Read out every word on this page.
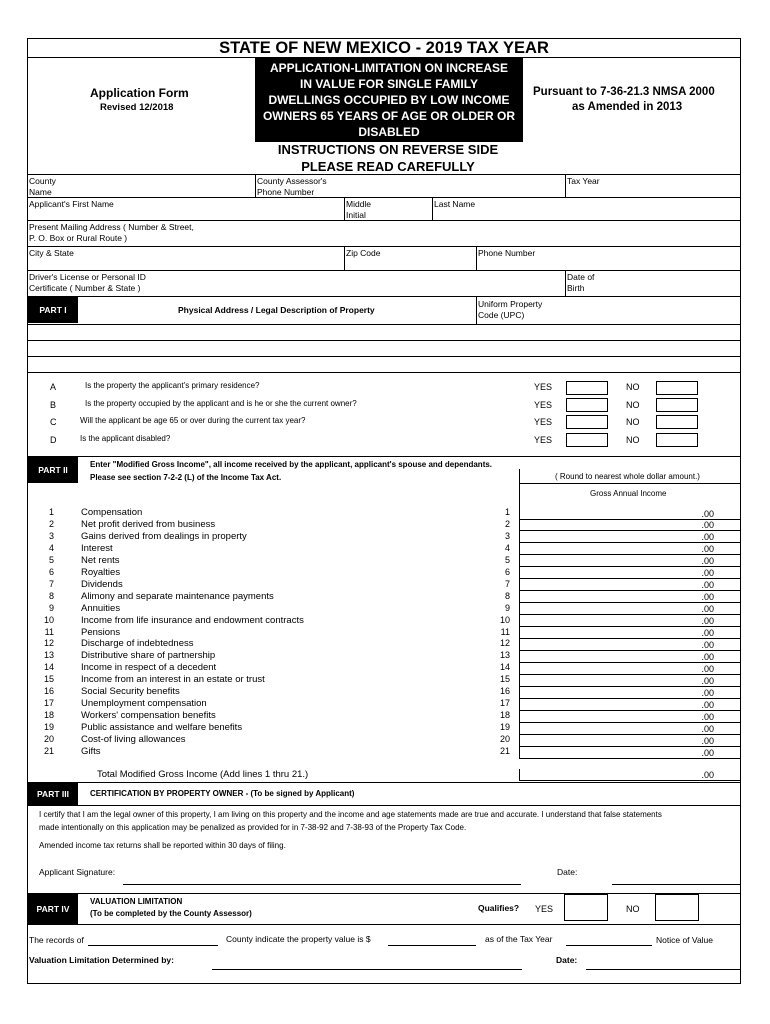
STATE OF NEW MEXICO - 2019 TAX YEAR
Application Form
Revised 12/2018
APPLICATION-LIMITATION ON INCREASE
IN VALUE FOR SINGLE FAMILY
DWELLINGS OCCUPIED BY LOW INCOME
OWNERS 65 YEARS OF AGE OR OLDER OR
DISABLED
Pursuant to 7-36-21.3 NMSA 2000
as Amended in 2013
INSTRUCTIONS ON REVERSE SIDE
PLEASE READ CAREFULLY
County
Name
County Assessor's
Phone Number
Tax Year
Applicant's First Name	Middle
Initial
Last Name
Present Mailing Address ( Number & Street,
P. O. Box or Rural Route )
City & State	Zip Code	Phone Number
Driver's License or Personal ID
Certificate ( Number & State )
Date of
Birth
PART I	Physical Address / Legal Description of Property
Uniform Property
Code (UPC)
A	Is the property the applicant's primary residence?	YES	NO
B	Is the property occupied by the applicant and is he or she the current owner?	YES	NO
C	Will the applicant be age 65 or over during the current tax year?	YES	NO
D	Is the applicant disabled?	YES	NO
PART II
Enter "Modified Gross Income", all income received by the applicant, applicant's spouse and dependants.
Please see section 7-2-2 (L) of the Income Tax Act.	( Round to nearest whole dollar amount.)
Gross Annual Income
1	Compensation	1	.00
2	Net profit derived from business	2	.00
3	Gains derived from dealings in property	3	.00
4	Interest	4	.00
5	Net rents	5	.00
6	Royalties	6	.00
7	Dividends	7	.00
8	Alimony and separate maintenance payments	8	.00
9	Annuities	9	.00
10	Income from life insurance and endowment contracts	10	.00
11	Pensions	11	.00
12	Discharge of indebtedness	12	.00
13	Distributive share of partnership	13	.00
14	Income in respect of a decedent	14	.00
15	Income from an interest in an estate or trust	15	.00
16	Social Security benefits	16	.00
17	Unemployment compensation	17	.00
18	Workers' compensation benefits	18	.00
19	Public assistance and welfare benefits	19	.00
20	Cost-of living allowances	20	.00
21	Gifts	21	.00
Total Modified Gross Income (Add lines 1 thru 21.)	.00
PART III	CERTIFICATION BY PROPERTY OWNER - (To be signed by Applicant)
I certify that I am the legal owner of this property, I am living on this property and the income and age statements made are true and accurate. I understand that false statements
made intentionally on this application may be penalized as provided for in 7-38-92 and 7-38-93 of the Property Tax Code.
Amended income tax returns shall be reported within 30 days of filing.
Applicant Signature:	Date:
PART IV
VALUATION LIMITATION
(To be completed by the County Assessor)
Qualifies? YES	NO
The records of	County indicate the property value is $	as of the Tax Year	Notice of Value
Valuation Limitation Determined by:	Date:
